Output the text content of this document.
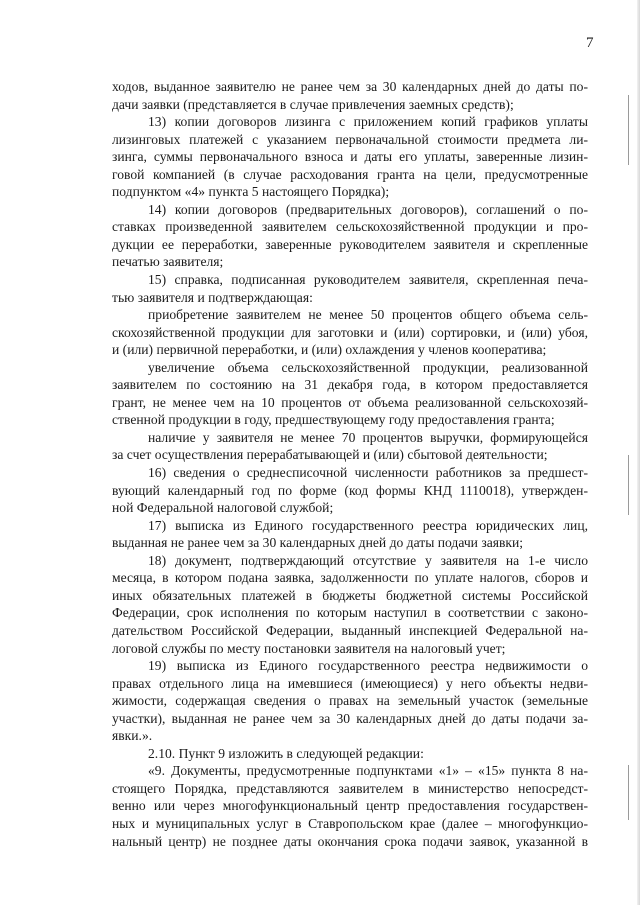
7
ходов, выданное заявителю не ранее чем за 30 календарных дней до даты по-
дачи заявки (представляется в случае привлечения заемных средств);
13) копии договоров лизинга с приложением копий графиков уплаты
лизинговых платежей с указанием первоначальной стоимости предмета ли-
зинга, суммы первоначального взноса и даты его уплаты, заверенные лизин-
говой компанией (в случае расходования гранта на цели, предусмотренные
подпунктом «4» пункта 5 настоящего Порядка);
14) копии договоров (предварительных договоров), соглашений о по-
ставках произведенной заявителем сельскохозяйственной продукции и про-
дукции ее переработки, заверенные руководителем заявителя и скрепленные
печатью заявителя;
15) справка, подписанная руководителем заявителя, скрепленная печа-
тью заявителя и подтверждающая:
приобретение заявителем не менее 50 процентов общего объема сель-
скохозяйственной продукции для заготовки и (или) сортировки, и (или) убоя,
и (или) первичной переработки, и (или) охлаждения у членов кооператива;
увеличение объема сельскохозяйственной продукции, реализованной
заявителем по состоянию на 31 декабря года, в котором предоставляется
грант, не менее чем на 10 процентов от объема реализованной сельскохозяй-
ственной продукции в году, предшествующему году предоставления гранта;
наличие у заявителя не менее 70 процентов выручки, формирующейся
за счет осуществления перерабатывающей и (или) сбытовой деятельности;
16) сведения о среднесписочной численности работников за предшест-
вующий календарный год по форме (код формы КНД 1110018), утвержден-
ной Федеральной налоговой службой;
17) выписка из Единого государственного реестра юридических лиц,
выданная не ранее чем за 30 календарных дней до даты подачи заявки;
18) документ, подтверждающий отсутствие у заявителя на 1-е число
месяца, в котором подана заявка, задолженности по уплате налогов, сборов и
иных обязательных платежей в бюджеты бюджетной системы Российской
Федерации, срок исполнения по которым наступил в соответствии с законо-
дательством Российской Федерации, выданный инспекцией Федеральной на-
логовой службы по месту постановки заявителя на налоговый учет;
19) выписка из Единого государственного реестра недвижимости о
правах отдельного лица на имевшиеся (имеющиеся) у него объекты недви-
жимости, содержащая сведения о правах на земельный участок (земельные
участки), выданная не ранее чем за 30 календарных дней до даты подачи за-
явки.».
2.10. Пункт 9 изложить в следующей редакции:
«9. Документы, предусмотренные подпунктами «1» – «15» пункта 8 на-
стоящего Порядка, представляются заявителем в министерство непосредст-
венно или через многофункциональный центр предоставления государствен-
ных и муниципальных услуг в Ставропольском крае (далее – многофункцио-
нальный центр) не позднее даты окончания срока подачи заявок, указанной в
